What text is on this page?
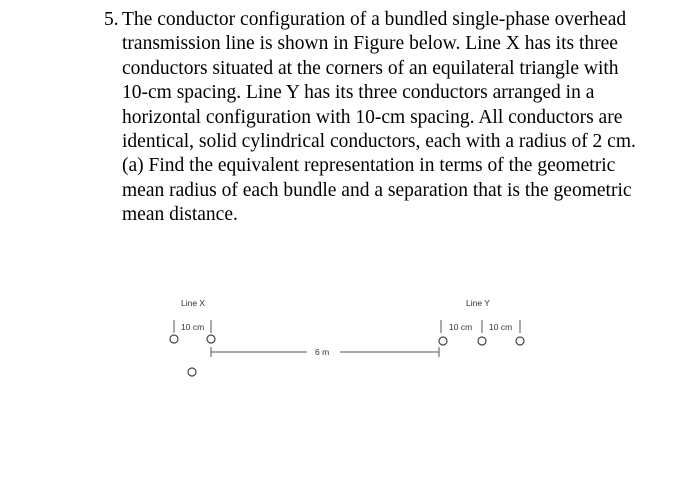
5. The conductor configuration of a bundled single-phase overhead transmission line is shown in Figure below. Line X has its three conductors situated at the corners of an equilateral triangle with 10-cm spacing. Line Y has its three conductors arranged in a horizontal configuration with 10-cm spacing. All conductors are identical, solid cylindrical conductors, each with a radius of 2 cm. (a) Find the equivalent representation in terms of the geometric mean radius of each bundle and a separation that is the geometric mean distance.
Line X
10 cm
6 m
Line Y
10 cm 10 cm
